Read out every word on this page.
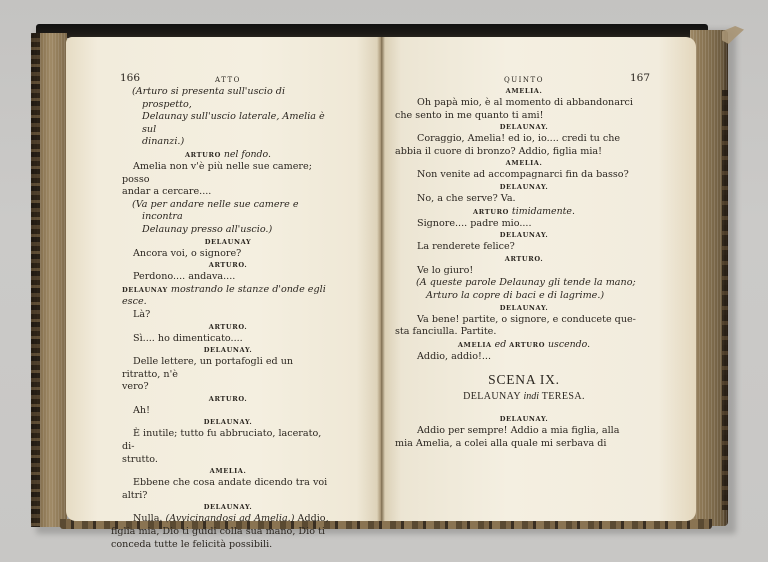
166	ATTO

(Arturo si presenta sull'uscio di prospetto,
Delaunay sull'uscio laterale, Amelia è sul
dinanzi.)

ARTURO nel fondo.

Amelia non v'è più nelle sue camere; posso
andar a cercare....

(Va per andare nelle sue camere e incontra
Delaunay presso all'uscio.)

DELAUNAY

Ancora voi, o signore?

ARTURO.

Perdono.... andava....

DELAUNAY mostrando le stanze d'onde egli esce.

Là?

ARTURO.

Sì.... ho dimenticato....

DELAUNAY.

Delle lettere, un portafogli ed un ritratto, n'è
vero?

ARTURO.

Ah!

DELAUNAY.

È inutile; tutto fu abbruciato, lacerato, di-
strutto.

AMELIA.

Ebbene che cosa andate dicendo tra voi altri?

DELAUNAY.

Nulla. (Avvicinandosi ad Amelia.) Addio,
figlia mia, Dio ti guidi colla sua mano, Dio ti
conceda tutte le felicità possibili.

QUINTO	167
AMELIA.

Oh papà mio, è al momento di abbandonarci
che sento in me quanto ti ami!

DELAUNAY.

Coraggio, Amelia! ed io, io.... credi tu che
abbia il cuore di bronzo? Addio, figlia mia!

AMELIA.

Non venite ad accompagnarci fin da basso?

DELAUNAY.

No, a che serve? Va.

ARTURO timidamente.

Signore.... padre mio....

DELAUNAY.

La renderete felice?

ARTURO.

Ve lo giuro!

(A queste parole Delaunay gli tende la mano;
Arturo la copre di baci e di lagrime.)

DELAUNAY.

Va bene! partite, o signore, e conducete que-
sta fanciulla. Partite.

AMELIA ed ARTURO uscendo.

Addio, addio!...

SCENA IX.
DELAUNAY indi TERESA.
DELAUNAY.

Addio per sempre! Addio a mia figlia, alla
mia Amelia, a colei alla quale mi serbava di
